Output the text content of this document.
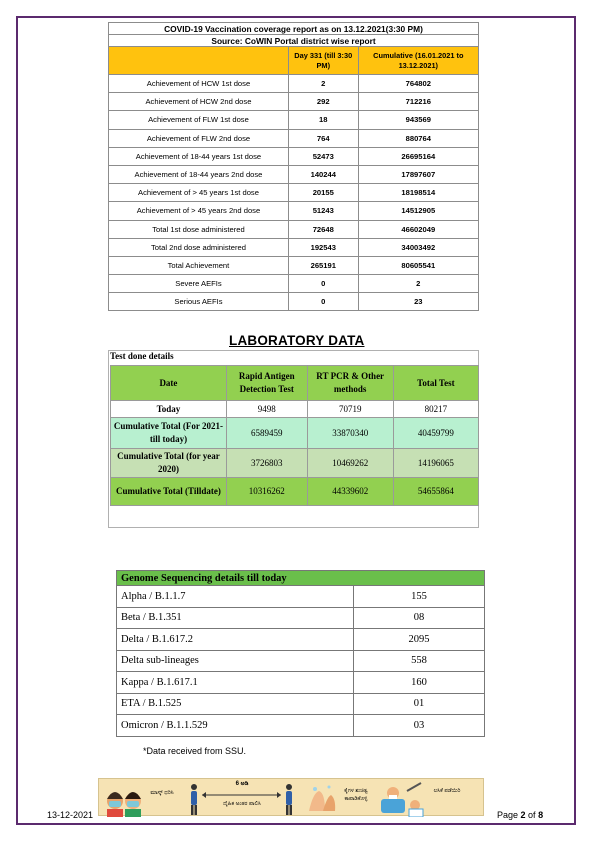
COVID-19 Vaccination coverage report as on 13.12.2021(3:30 PM)		
Source: CoWIN Portal district wise report		
	Day 331 (till 3:30 PM)	Cumulative (16.01.2021 to 13.12.2021)
Achievement of HCW 1st dose	2	764802
Achievement of HCW 2nd dose	292	712216
Achievement of FLW 1st dose	18	943569
Achievement of FLW 2nd dose	764	880764
Achievement of 18-44 years 1st dose	52473	26695164
Achievement of 18-44 years 2nd dose	140244	17897607
Achievement of > 45 years 1st dose	20155	18198514
Achievement of > 45 years 2nd dose	51243	14512905
Total 1st dose administered	72648	46602049
Total 2nd dose administered	192543	34003492
Total Achievement	265191	80605541
Severe AEFIs	0	2
Serious AEFIs	0	23
LABORATORY DATA
Test done details
Date	Rapid Antigen Detection Test	RT PCR & Other methods	Total Test
Today	9498	70719	80217
Cumulative Total (For 2021- till today)	6589459	33870340	40459799
Cumulative Total (for year 2020)	3726803	10469262	14196065
Cumulative Total (Tilldate)	10316262	44339602	54655864
Genome Sequencing details till today	
Alpha / B.1.1.7	155
Beta / B.1.351	08
Delta / B.1.617.2	2095
Delta sub-lineages	558
Kappa / B.1.617.1	160
ETA / B.1.525	01
Omicron / B.1.1.529	03
*Data received from SSU.
ಮಾಸ್ಕ್ ಧರಿಸಿ
6 ಅಡಿ
ದೈಹಿಕ ಅಂತರ ಪಾಲಿಸಿ
ಕೈಗಳ ಶುಚಿತ್ವ ಕಾಪಾಡಿಕೊಳ್ಳಿ
ಲಸಿಕೆ ಪಡೆಯಿರಿ
13-12-2021	Page 2 of 8
